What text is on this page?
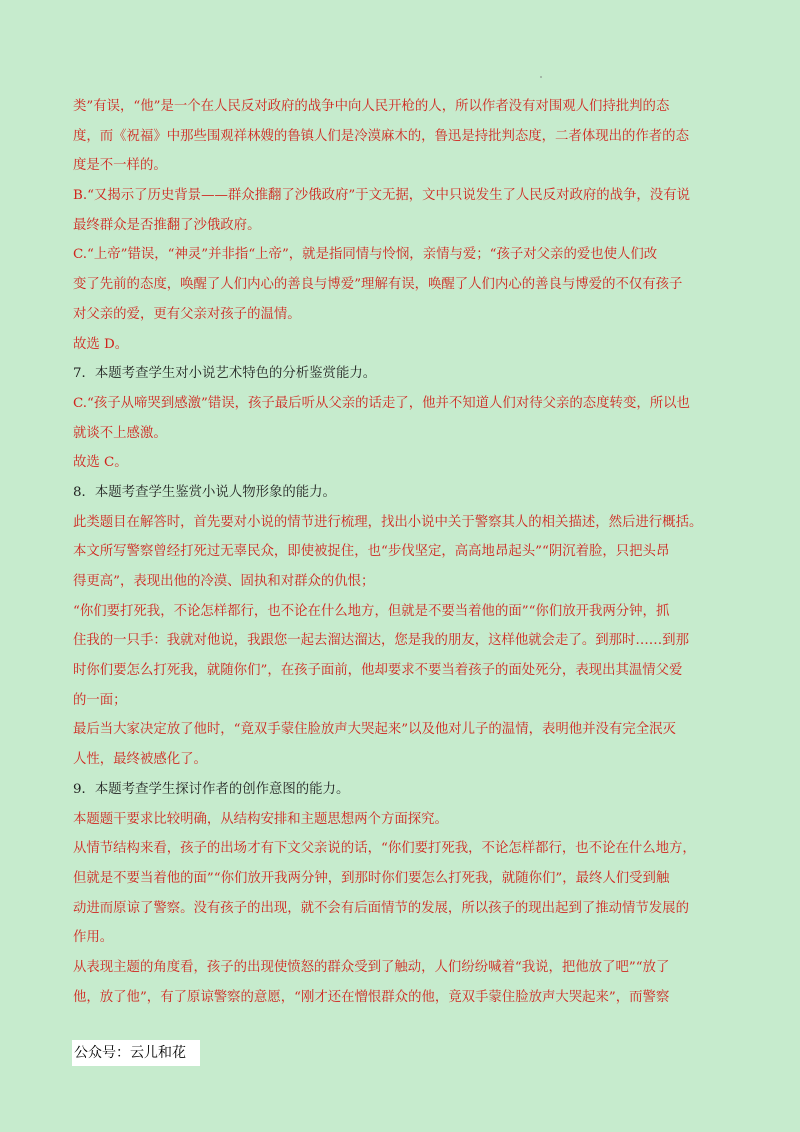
类”有误，“他”是一个在人民反对政府的战争中向人民开枪的人，所以作者没有对围观人们持批判的态
度，而《祝福》中那些围观祥林嫂的鲁镇人们是冷漠麻木的，鲁迅是持批判态度，二者体现出的作者的态
度是不一样的。
B.“又揭示了历史背景——群众推翻了沙俄政府”于文无据，文中只说发生了人民反对政府的战争，没有说
最终群众是否推翻了沙俄政府。
C.“上帝”错误，“神灵”并非指“上帝”，就是指同情与怜悯，亲情与爱；“孩子对父亲的爱也使人们改
变了先前的态度，唤醒了人们内心的善良与博爱”理解有误，唤醒了人们内心的善良与博爱的不仅有孩子
对父亲的爱，更有父亲对孩子的温情。
故选 D。
7．本题考查学生对小说艺术特色的分析鉴赏能力。
C.“孩子从啼哭到感激”错误，孩子最后听从父亲的话走了，他并不知道人们对待父亲的态度转变，所以也
就谈不上感激。
故选 C。
8．本题考查学生鉴赏小说人物形象的能力。
此类题目在解答时，首先要对小说的情节进行梳理，找出小说中关于警察其人的相关描述，然后进行概括。
本文所写警察曾经打死过无辜民众，即使被捉住，也“步伐坚定，高高地昂起头”“阴沉着脸，只把头昂
得更高”，表现出他的冷漠、固执和对群众的仇恨；
“你们要打死我，不论怎样都行，也不论在什么地方，但就是不要当着他的面”“你们放开我两分钟，抓
住我的一只手：我就对他说，我跟您一起去溜达溜达，您是我的朋友，这样他就会走了。到那时……到那
时你们要怎么打死我，就随你们”，在孩子面前，他却要求不要当着孩子的面处死分，表现出其温情父爱
的一面；
最后当大家决定放了他时，“竟双手蒙住脸放声大哭起来”以及他对儿子的温情，表明他并没有完全泯灭
人性，最终被感化了。
9．本题考查学生探讨作者的创作意图的能力。
本题题干要求比较明确，从结构安排和主题思想两个方面探究。
从情节结构来看，孩子的出场才有下文父亲说的话，“你们要打死我，不论怎样都行，也不论在什么地方，
但就是不要当着他的面”“你们放开我两分钟，到那时你们要怎么打死我，就随你们”，最终人们受到触
动进而原谅了警察。没有孩子的出现，就不会有后面情节的发展，所以孩子的现出起到了推动情节发展的
作用。
从表现主题的角度看，孩子的出现使愤怒的群众受到了触动，人们纷纷喊着“我说，把他放了吧”“放了
他，放了他”，有了原谅警察的意愿，“刚才还在憎恨群众的他，竟双手蒙住脸放声大哭起来”，而警察
公众号：云儿和花
